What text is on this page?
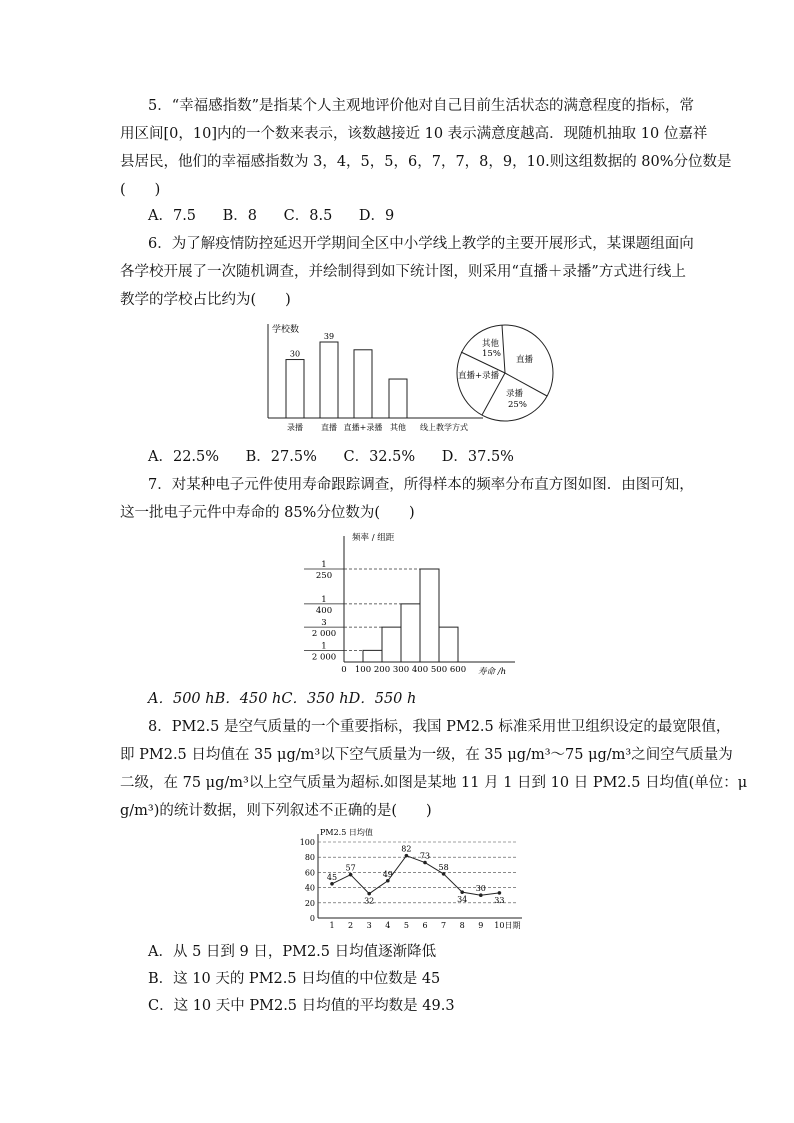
5．“幸福感指数”是指某个人主观地评价他对自己目前生活状态的满意程度的指标，常
用区间[0，10]内的一个数来表示，该数越接近 10 表示满意度越高．现随机抽取 10 位嘉祥
县居民，他们的幸福感指数为 3，4，5，5，6，7，7，8，9，10.则这组数据的 80%分位数是
(　　)
A．7.5 B．8 C．8.5 D．9
6．为了解疫情防控延迟开学期间全区中小学线上教学的主要开展形式，某课题组面向
各学校开展了一次随机调查，并绘制得到如下统计图，则采用“直播＋录播”方式进行线上
教学的学校占比约为(　　)
学校数
线上教学方式
录播
30
直播
39
直播+录播 其他
其他
15%
直播
直播+录播
录播
25%
A．22.5% B．27.5% C．32.5% D．37.5%
7．对某种电子元件使用寿命跟踪调查，所得样本的频率分布直方图如图．由图可知，
这一批电子元件中寿命的 85%分位数为(　　)
频率 / 组距
寿命 /h
1
2 000
3
2 000
1
400
1
250
0 100 200 300 400 500 600
A．500 hB．450 hC．350 hD．550 h
8．PM2.5 是空气质量的一个重要指标，我国 PM2.5 标准采用世卫组织设定的最宽限值，
即 PM2.5 日均值在 35 μg/m³以下空气质量为一级，在 35 μg/m³～75 μg/m³之间空气质量为
二级，在 75 μg/m³以上空气质量为超标.如图是某地 11 月 1 日到 10 日 PM2.5 日均值(单位：μ
g/m³)的统计数据，则下列叙述不正确的是(　　)
PM2.5 日均值
0
20
40
60
80
100
45
1
57
2
32
3
49
4
82
5
73
6
58
7
34
8
30
9
33
10日期
A．从 5 日到 9 日，PM2.5 日均值逐渐降低
B．这 10 天的 PM2.5 日均值的中位数是 45
C．这 10 天中 PM2.5 日均值的平均数是 49.3
